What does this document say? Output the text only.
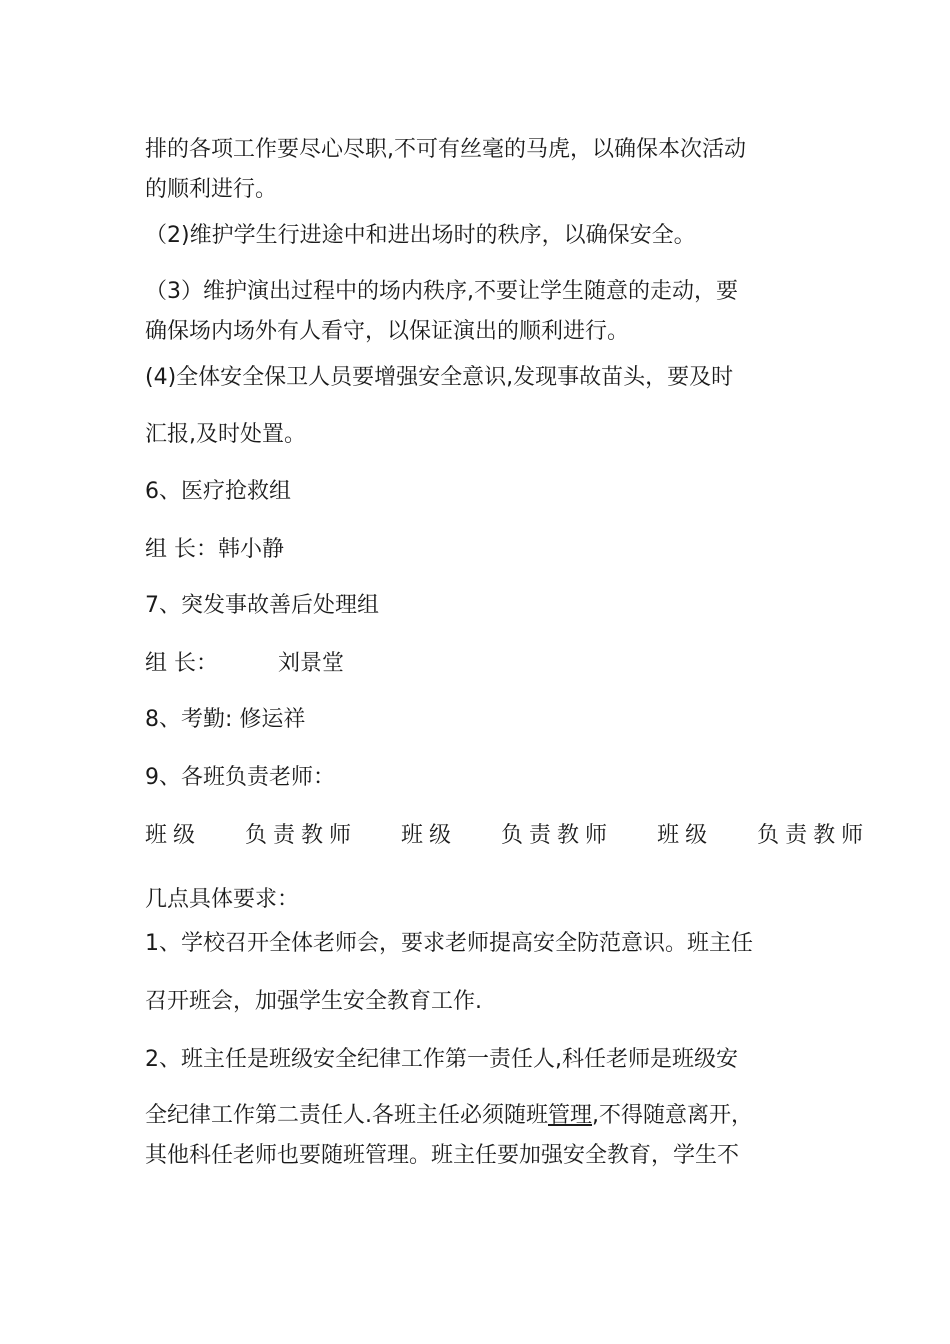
排的各项工作要尽心尽职,不可有丝毫的马虎，以确保本次活动
的顺利进行。
（2)维护学生行进途中和进出场时的秩序，以确保安全。
（3）维护演出过程中的场内秩序,不要让学生随意的走动，要
确保场内场外有人看守，以保证演出的顺利进行。
(4)全体安全保卫人员要增强安全意识,发现事故苗头，要及时
汇报,及时处置。
6、医疗抢救组
组 长：韩小静
7、突发事故善后处理组
组 长：	刘景堂
8、考勤: 修运祥
9、各班负责老师：
班级 负责教师 班级 负责教师 班级 负责教师
几点具体要求：
1、学校召开全体老师会，要求老师提高安全防范意识。班主任
召开班会，加强学生安全教育工作.
2、班主任是班级安全纪律工作第一责任人,科任老师是班级安
全纪律工作第二责任人.各班主任必须随班管理,不得随意离开，
其他科任老师也要随班管理。班主任要加强安全教育，学生不
